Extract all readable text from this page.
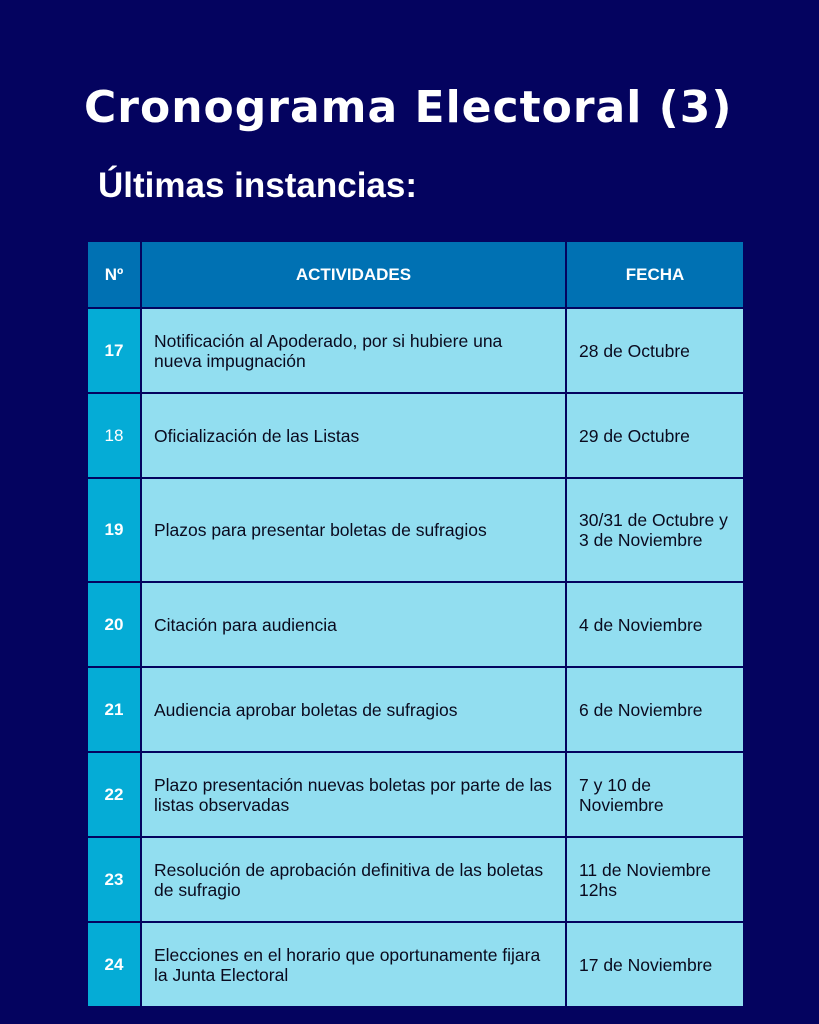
Cronograma Electoral (3)
Últimas instancias:
Nº	ACTIVIDADES	FECHA
17	Notificación al Apoderado, por si hubiere una nueva impugnación	28 de Octubre
18	Oficialización de las Listas	29 de Octubre
19	Plazos para presentar boletas de sufragios	30/31 de Octubre y 3 de Noviembre
20	Citación para audiencia	4 de Noviembre
21	Audiencia aprobar boletas de sufragios	6 de Noviembre
22	Plazo presentación nuevas boletas por parte de las listas observadas	7 y 10 de Noviembre
23	Resolución de aprobación definitiva de las boletas de sufragio	11 de Noviembre 12hs
24	Elecciones en el horario que oportunamente fijara la Junta Electoral	17 de Noviembre
